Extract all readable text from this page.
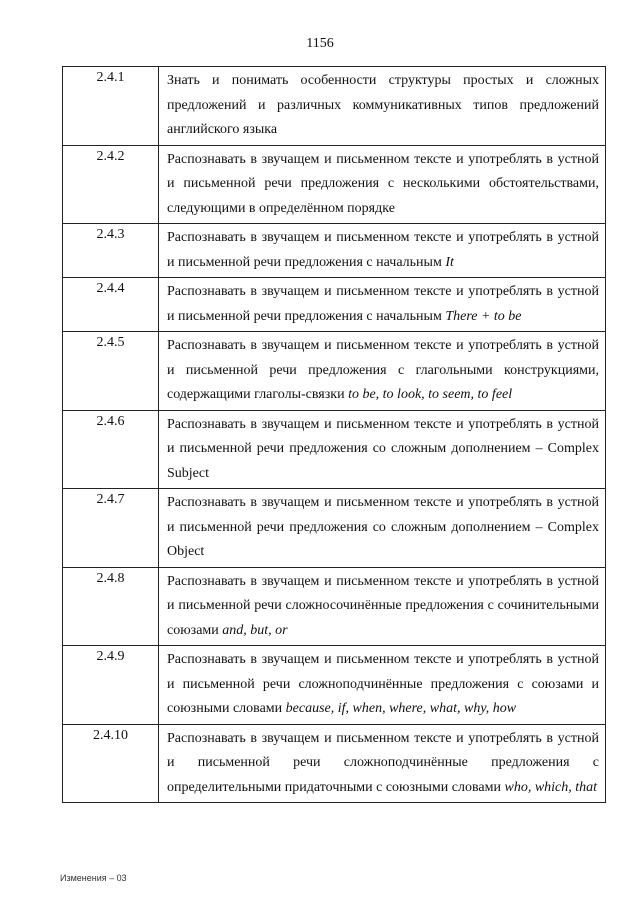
1156
2.4.1	Знать и понимать особенности структуры простых и сложных предложений и различных коммуникативных типов предложений английского языка
2.4.2	Распознавать в звучащем и письменном тексте и употреблять в устной и письменной речи предложения с несколькими обстоятельствами, следующими в определённом порядке
2.4.3	Распознавать в звучащем и письменном тексте и употреблять в устной и письменной речи предложения с начальным It
2.4.4	Распознавать в звучащем и письменном тексте и употреблять в устной и письменной речи предложения с начальным There + to be
2.4.5	Распознавать в звучащем и письменном тексте и употреблять в устной и письменной речи предложения с глагольными конструкциями, содержащими глаголы-связки to be, to look, to seem, to feel
2.4.6	Распознавать в звучащем и письменном тексте и употреблять в устной и письменной речи предложения со сложным дополнением – Complex Subject
2.4.7	Распознавать в звучащем и письменном тексте и употреблять в устной и письменной речи предложения со сложным дополнением – Complex Object
2.4.8	Распознавать в звучащем и письменном тексте и употреблять в устной и письменной речи сложносочинённые предложения с сочинительными союзами and, but, or
2.4.9	Распознавать в звучащем и письменном тексте и употреблять в устной и письменной речи сложноподчинённые предложения с союзами и союзными словами because, if, when, where, what, why, how
2.4.10	Распознавать в звучащем и письменном тексте и употреблять в устной и письменной речи сложноподчинённые предложения с определительными придаточными с союзными словами who, which, that
Изменения – 03
